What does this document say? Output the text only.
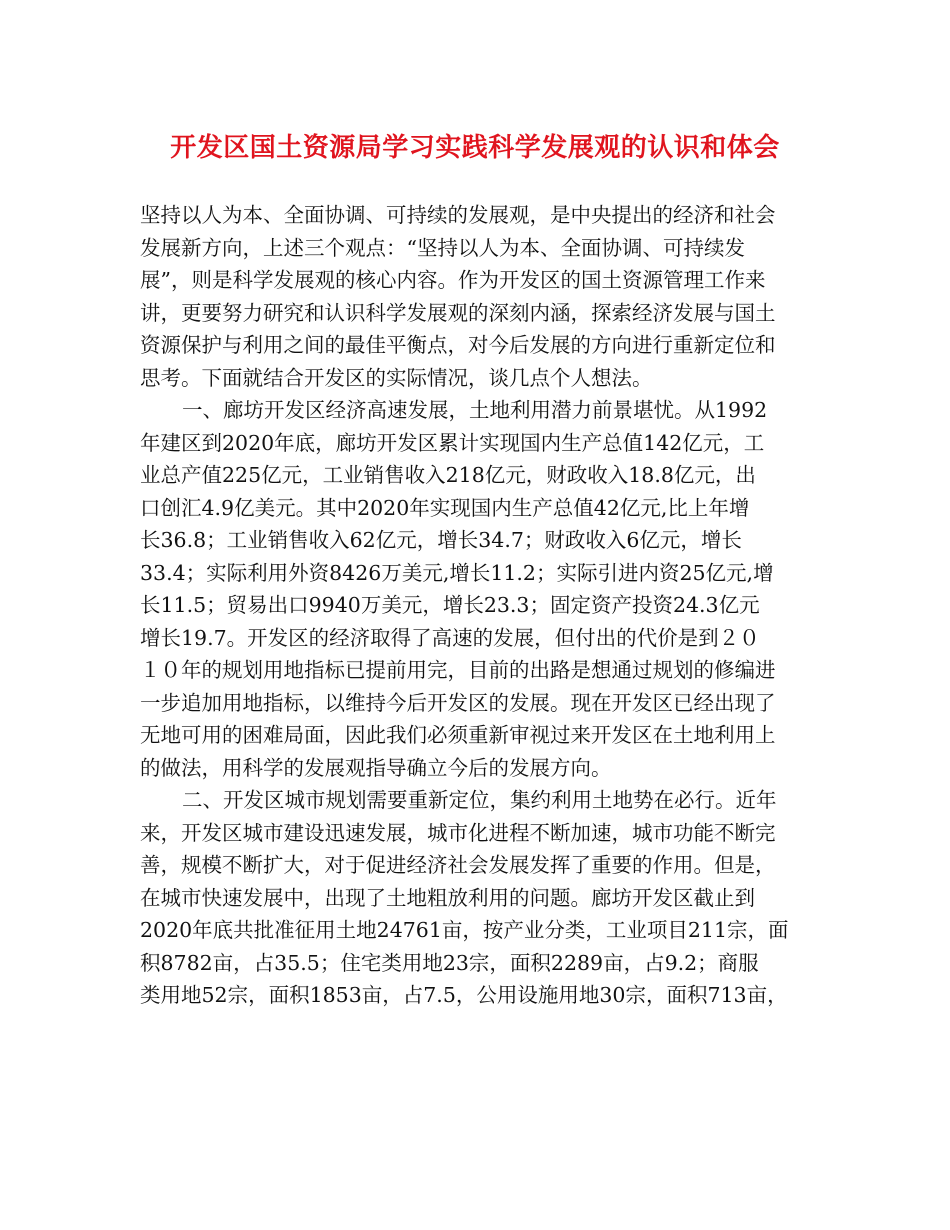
开发区国土资源局学习实践科学发展观的认识和体会
坚持以人为本、全面协调、可持续的发展观，是中央提出的经济和社会
发展新方向，上述三个观点：“坚持以人为本、全面协调、可持续发
展”，则是科学发展观的核心内容。作为开发区的国土资源管理工作来
讲，更要努力研究和认识科学发展观的深刻内涵，探索经济发展与国土
资源保护与利用之间的最佳平衡点，对今后发展的方向进行重新定位和
思考。下面就结合开发区的实际情况，谈几点个人想法。
一、廊坊开发区经济高速发展，土地利用潜力前景堪忧。从1992
年建区到2020年底，廊坊开发区累计实现国内生产总值142亿元，工
业总产值225亿元，工业销售收入218亿元，财政收入18.8亿元，出
口创汇4.9亿美元。其中2020年实现国内生产总值42亿元,比上年增
长36.8；工业销售收入62亿元，增长34.7；财政收入6亿元，增长
33.4；实际利用外资8426万美元,增长11.2；实际引进内资25亿元,增
长11.5；贸易出口9940万美元，增长23.3；固定资产投资24.3亿元
增长19.7。开发区的经济取得了高速的发展，但付出的代价是到２０
１０年的规划用地指标已提前用完，目前的出路是想通过规划的修编进
一步追加用地指标，以维持今后开发区的发展。现在开发区已经出现了
无地可用的困难局面，因此我们必须重新审视过来开发区在土地利用上
的做法，用科学的发展观指导确立今后的发展方向。
二、开发区城市规划需要重新定位，集约利用土地势在必行。近年
来，开发区城市建设迅速发展，城市化进程不断加速，城市功能不断完
善，规模不断扩大，对于促进经济社会发展发挥了重要的作用。但是，
在城市快速发展中，出现了土地粗放利用的问题。廊坊开发区截止到
2020年底共批准征用土地24761亩，按产业分类，工业项目211宗，面
积8782亩，占35.5；住宅类用地23宗，面积2289亩，占9.2；商服
类用地52宗，面积1853亩，占7.5，公用设施用地30宗，面积713亩，
